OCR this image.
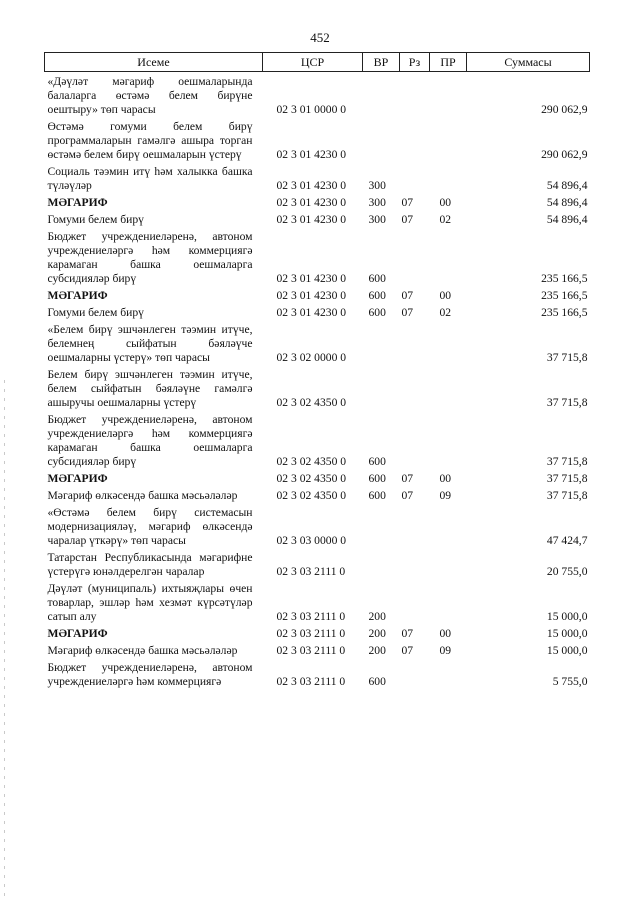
452
Исеме	ЦСР	ВР	Рз	ПР	Суммасы
«Дәүләт мәгариф оешмаларында балаларга өстәмә белем бирүне оештыру» төп чарасы	02 3 01 0000 0				290 062,9
Өстәмә гомуми белем бирү программаларын гамәлгә ашыра торган өстәмә белем бирү оешмаларын үстерү	02 3 01 4230 0				290 062,9
Социаль тәэмин итү һәм халыкка башка түләүләр	02 3 01 4230 0	300			54 896,4
МӘГАРИФ	02 3 01 4230 0	300	07	00	54 896,4
Гомуми белем бирү	02 3 01 4230 0	300	07	02	54 896,4
Бюджет учреждениеләренә, автоном учреждениеләргә һәм коммерциягә карамаган башка оешмаларга субсидияләр бирү	02 3 01 4230 0	600			235 166,5
МӘГАРИФ	02 3 01 4230 0	600	07	00	235 166,5
Гомуми белем бирү	02 3 01 4230 0	600	07	02	235 166,5
«Белем бирү эшчәнлеген тәэмин итүче, белемнең сыйфатын бәяләүче оешмаларны үстерү» төп чарасы	02 3 02 0000 0				37 715,8
Белем бирү эшчәнлеген тәэмин итүче, белем сыйфатын бәяләүне гамәлгә ашыручы оешмаларны үстерү	02 3 02 4350 0				37 715,8
Бюджет учреждениеләренә, автоном учреждениеләргә һәм коммерциягә карамаган башка оешмаларга субсидияләр бирү	02 3 02 4350 0	600			37 715,8
МӘГАРИФ	02 3 02 4350 0	600	07	00	37 715,8
Мәгариф өлкәсендә башка мәсьәләләр	02 3 02 4350 0	600	07	09	37 715,8
«Өстәмә белем бирү системасын модернизацияләү, мәгариф өлкәсендә чаралар үткәрү» төп чарасы	02 3 03 0000 0				47 424,7
Татарстан Республикасында мәгарифне үстерүгә юнәлдерелгән чаралар	02 3 03 2111 0				20 755,0
Дәүләт (муниципаль) ихтыяҗлары өчен товарлар, эшләр һәм хезмәт күрсәтүләр сатып алу	02 3 03 2111 0	200			15 000,0
МӘГАРИФ	02 3 03 2111 0	200	07	00	15 000,0
Мәгариф өлкәсендә башка мәсьәләләр	02 3 03 2111 0	200	07	09	15 000,0
Бюджет учреждениеләренә, автоном учреждениеләргә һәм коммерциягә	02 3 03 2111 0	600			5 755,0
